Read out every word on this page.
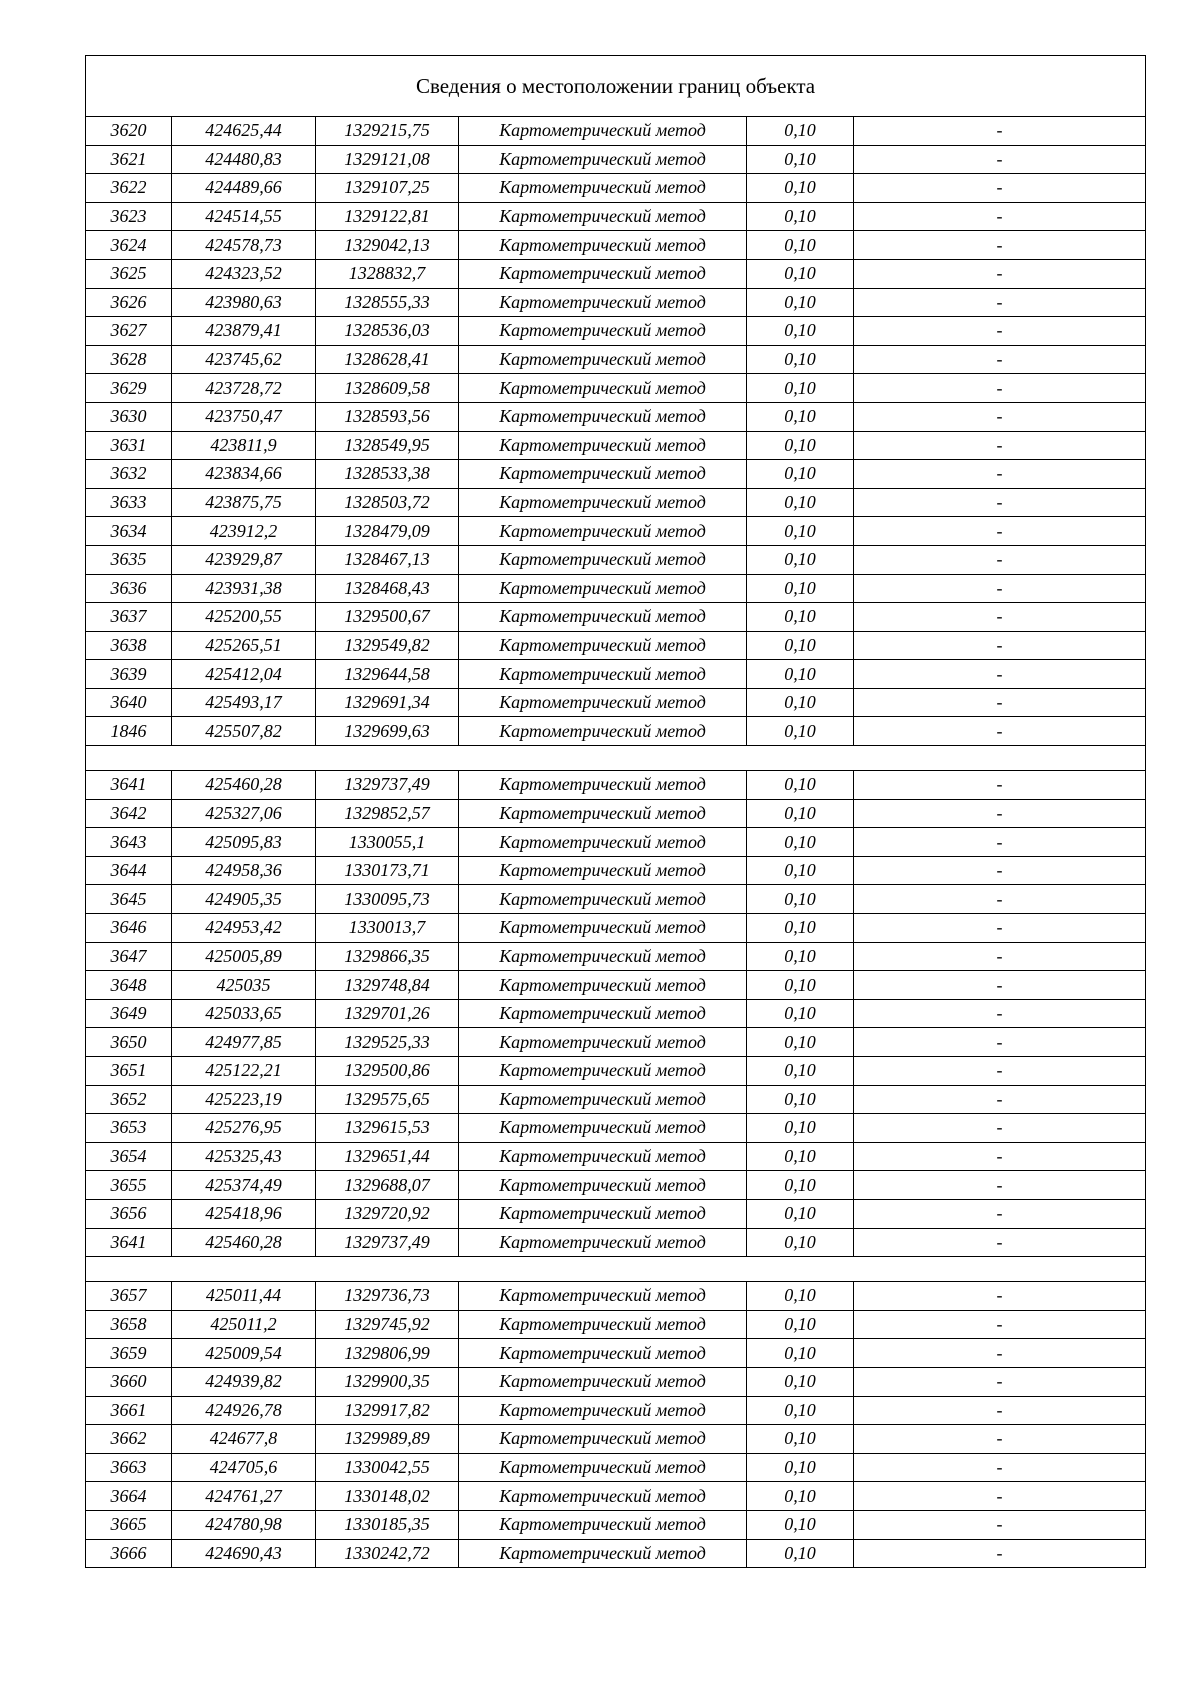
Сведения о местоположении границ объекта					
3620	424625,44	1329215,75	Картометрический метод	0,10	-
3621	424480,83	1329121,08	Картометрический метод	0,10	-
3622	424489,66	1329107,25	Картометрический метод	0,10	-
3623	424514,55	1329122,81	Картометрический метод	0,10	-
3624	424578,73	1329042,13	Картометрический метод	0,10	-
3625	424323,52	1328832,7	Картометрический метод	0,10	-
3626	423980,63	1328555,33	Картометрический метод	0,10	-
3627	423879,41	1328536,03	Картометрический метод	0,10	-
3628	423745,62	1328628,41	Картометрический метод	0,10	-
3629	423728,72	1328609,58	Картометрический метод	0,10	-
3630	423750,47	1328593,56	Картометрический метод	0,10	-
3631	423811,9	1328549,95	Картометрический метод	0,10	-
3632	423834,66	1328533,38	Картометрический метод	0,10	-
3633	423875,75	1328503,72	Картометрический метод	0,10	-
3634	423912,2	1328479,09	Картометрический метод	0,10	-
3635	423929,87	1328467,13	Картометрический метод	0,10	-
3636	423931,38	1328468,43	Картометрический метод	0,10	-
3637	425200,55	1329500,67	Картометрический метод	0,10	-
3638	425265,51	1329549,82	Картометрический метод	0,10	-
3639	425412,04	1329644,58	Картометрический метод	0,10	-
3640	425493,17	1329691,34	Картометрический метод	0,10	-
1846	425507,82	1329699,63	Картометрический метод	0,10	-

3641	425460,28	1329737,49	Картометрический метод	0,10	-
3642	425327,06	1329852,57	Картометрический метод	0,10	-
3643	425095,83	1330055,1	Картометрический метод	0,10	-
3644	424958,36	1330173,71	Картометрический метод	0,10	-
3645	424905,35	1330095,73	Картометрический метод	0,10	-
3646	424953,42	1330013,7	Картометрический метод	0,10	-
3647	425005,89	1329866,35	Картометрический метод	0,10	-
3648	425035	1329748,84	Картометрический метод	0,10	-
3649	425033,65	1329701,26	Картометрический метод	0,10	-
3650	424977,85	1329525,33	Картометрический метод	0,10	-
3651	425122,21	1329500,86	Картометрический метод	0,10	-
3652	425223,19	1329575,65	Картометрический метод	0,10	-
3653	425276,95	1329615,53	Картометрический метод	0,10	-
3654	425325,43	1329651,44	Картометрический метод	0,10	-
3655	425374,49	1329688,07	Картометрический метод	0,10	-
3656	425418,96	1329720,92	Картометрический метод	0,10	-
3641	425460,28	1329737,49	Картометрический метод	0,10	-

3657	425011,44	1329736,73	Картометрический метод	0,10	-
3658	425011,2	1329745,92	Картометрический метод	0,10	-
3659	425009,54	1329806,99	Картометрический метод	0,10	-
3660	424939,82	1329900,35	Картометрический метод	0,10	-
3661	424926,78	1329917,82	Картометрический метод	0,10	-
3662	424677,8	1329989,89	Картометрический метод	0,10	-
3663	424705,6	1330042,55	Картометрический метод	0,10	-
3664	424761,27	1330148,02	Картометрический метод	0,10	-
3665	424780,98	1330185,35	Картометрический метод	0,10	-
3666	424690,43	1330242,72	Картометрический метод	0,10	-
